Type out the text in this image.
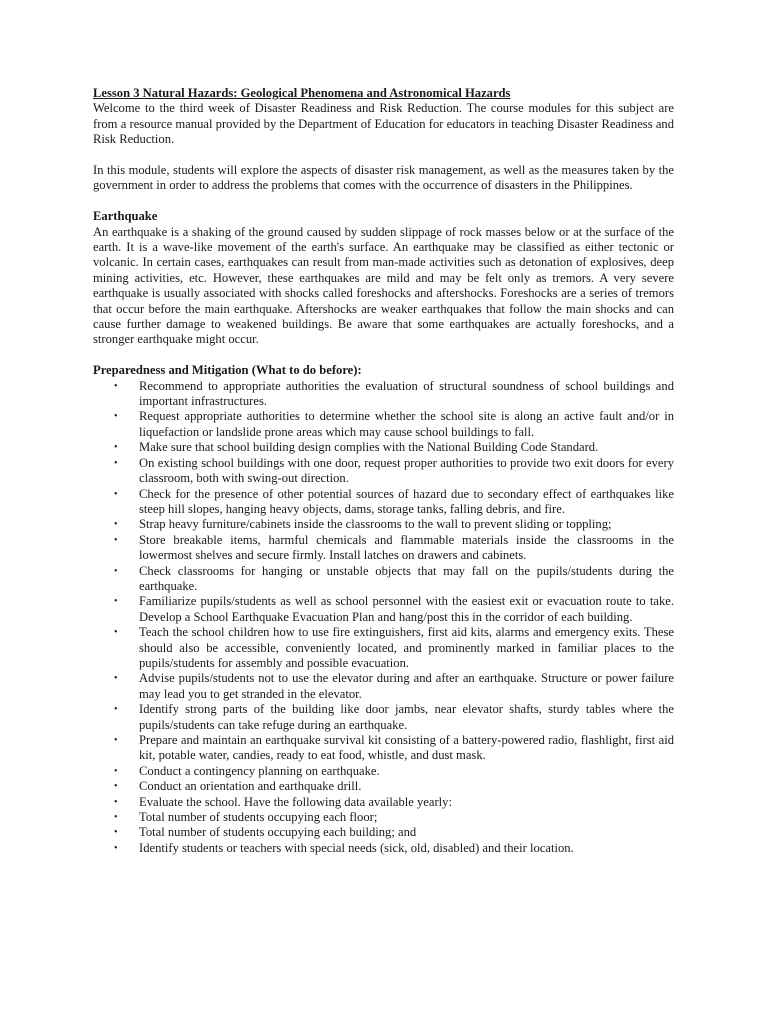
Lesson 3 Natural Hazards: Geological Phenomena and Astronomical Hazards

Welcome to the third week of Disaster Readiness and Risk Reduction. The course modules for this subject are from a resource manual provided by the Department of Education for educators in teaching Disaster Readiness and Risk Reduction.

In this module, students will explore the aspects of disaster risk management, as well as the measures taken by the government in order to address the problems that comes with the occurrence of disasters in the Philippines.

Earthquake

An earthquake is a shaking of the ground caused by sudden slippage of rock masses below or at the surface of the earth. It is a wave-like movement of the earth's surface. An earthquake may be classified as either tectonic or volcanic. In certain cases, earthquakes can result from man-made activities such as detonation of explosives, deep mining activities, etc. However, these earthquakes are mild and may be felt only as tremors. A very severe earthquake is usually associated with shocks called foreshocks and aftershocks. Foreshocks are a series of tremors that occur before the main earthquake. Aftershocks are weaker earthquakes that follow the main shocks and can cause further damage to weakened buildings. Be aware that some earthquakes are actually foreshocks, and a stronger earthquake might occur.

Preparedness and Mitigation (What to do before):
• Recommend to appropriate authorities the evaluation of structural soundness of school buildings and important infrastructures.
• Request appropriate authorities to determine whether the school site is along an active fault and/or in liquefaction or landslide prone areas which may cause school buildings to fall.
• Make sure that school building design complies with the National Building Code Standard.
• On existing school buildings with one door, request proper authorities to provide two exit doors for every classroom, both with swing-out direction.
• Check for the presence of other potential sources of hazard due to secondary effect of earthquakes like steep hill slopes, hanging heavy objects, dams, storage tanks, falling debris, and fire.
• Strap heavy furniture/cabinets inside the classrooms to the wall to prevent sliding or toppling;
• Store breakable items, harmful chemicals and flammable materials inside the classrooms in the lowermost shelves and secure firmly. Install latches on drawers and cabinets.
• Check classrooms for hanging or unstable objects that may fall on the pupils/students during the earthquake.
• Familiarize pupils/students as well as school personnel with the easiest exit or evacuation route to take. Develop a School Earthquake Evacuation Plan and hang/post this in the corridor of each building.
• Teach the school children how to use fire extinguishers, first aid kits, alarms and emergency exits. These should also be accessible, conveniently located, and prominently marked in familiar places to the pupils/students for assembly and possible evacuation.
• Advise pupils/students not to use the elevator during and after an earthquake. Structure or power failure may lead you to get stranded in the elevator.
• Identify strong parts of the building like door jambs, near elevator shafts, sturdy tables where the pupils/students can take refuge during an earthquake.
• Prepare and maintain an earthquake survival kit consisting of a battery-powered radio, flashlight, first aid kit, potable water, candies, ready to eat food, whistle, and dust mask.
• Conduct a contingency planning on earthquake.
• Conduct an orientation and earthquake drill.
• Evaluate the school. Have the following data available yearly:
• Total number of students occupying each floor;
• Total number of students occupying each building; and
• Identify students or teachers with special needs (sick, old, disabled) and their location.
